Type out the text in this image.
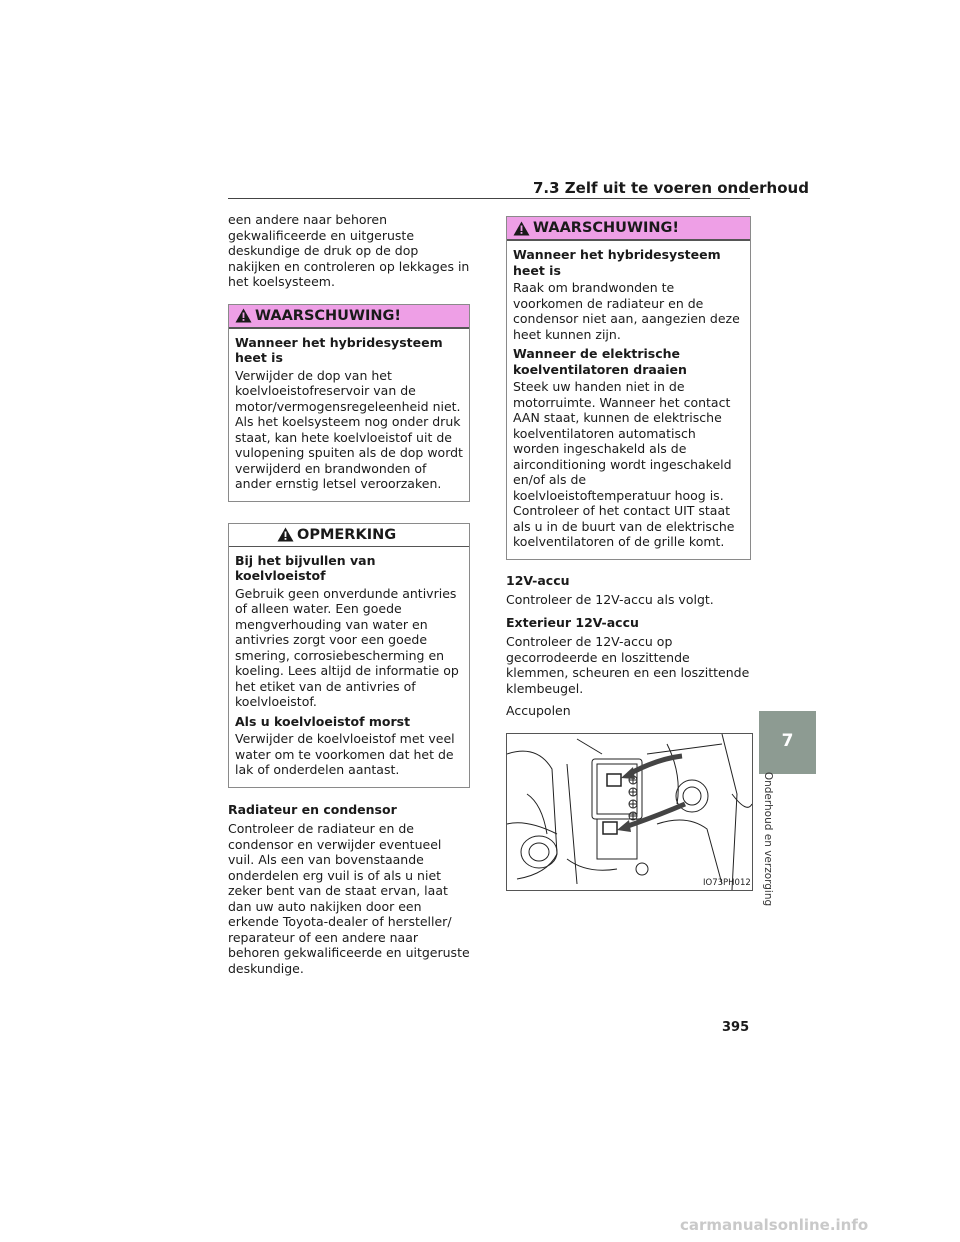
7.3 Zelf uit te voeren onderhoud

een andere naar behoren gekwalificeerde en uitgeruste deskundige de druk op de dop nakijken en controleren op lekkages in het koelsysteem.

WAARSCHUWING!

Wanneer het hybridesysteem heet is

Verwijder de dop van het koelvloeistofreservoir van de motor/vermogensregeleenheid niet. Als het koelsysteem nog onder druk staat, kan hete koelvloeistof uit de vulopening spuiten als de dop wordt verwijderd en brandwonden of ander ernstig letsel veroorzaken.

OPMERKING

Bij het bijvullen van koelvloeistof

Gebruik geen onverdunde antivries of alleen water. Een goede mengverhouding van water en antivries zorgt voor een goede smering, corrosiebescherming en koeling. Lees altijd de informatie op het etiket van de antivries of koelvloeistof.

Als u koelvloeistof morst

Verwijder de koelvloeistof met veel water om te voorkomen dat het de lak of onderdelen aantast.

Radiateur en condensor

Controleer de radiateur en de condensor en verwijder eventueel vuil. Als een van bovenstaande onderdelen erg vuil is of als u niet zeker bent van de staat ervan, laat dan uw auto nakijken door een erkende Toyota-dealer of hersteller/ reparateur of een andere naar behoren gekwalificeerde en uitgeruste deskundige.

WAARSCHUWING!

Wanneer het hybridesysteem heet is

Raak om brandwonden te voorkomen de radiateur en de condensor niet aan, aangezien deze heet kunnen zijn.

Wanneer de elektrische koelventilatoren draaien

Steek uw handen niet in de motorruimte. Wanneer het contact AAN staat, kunnen de elektrische koelventilatoren automatisch worden ingeschakeld als de airconditioning wordt ingeschakeld en/of als de koelvloeistoftemperatuur hoog is. Controleer of het contact UIT staat als u in de buurt van de elektrische koelventilatoren of de grille komt.

12V-accu

Controleer de 12V-accu als volgt.

Exterieur 12V-accu

Controleer de 12V-accu op gecorrodeerde en loszittende klemmen, scheuren en een loszittende klembeugel.

Accupolen

IO73PH012
7
Onderhoud en verzorging
395
carmanualsonline.info
